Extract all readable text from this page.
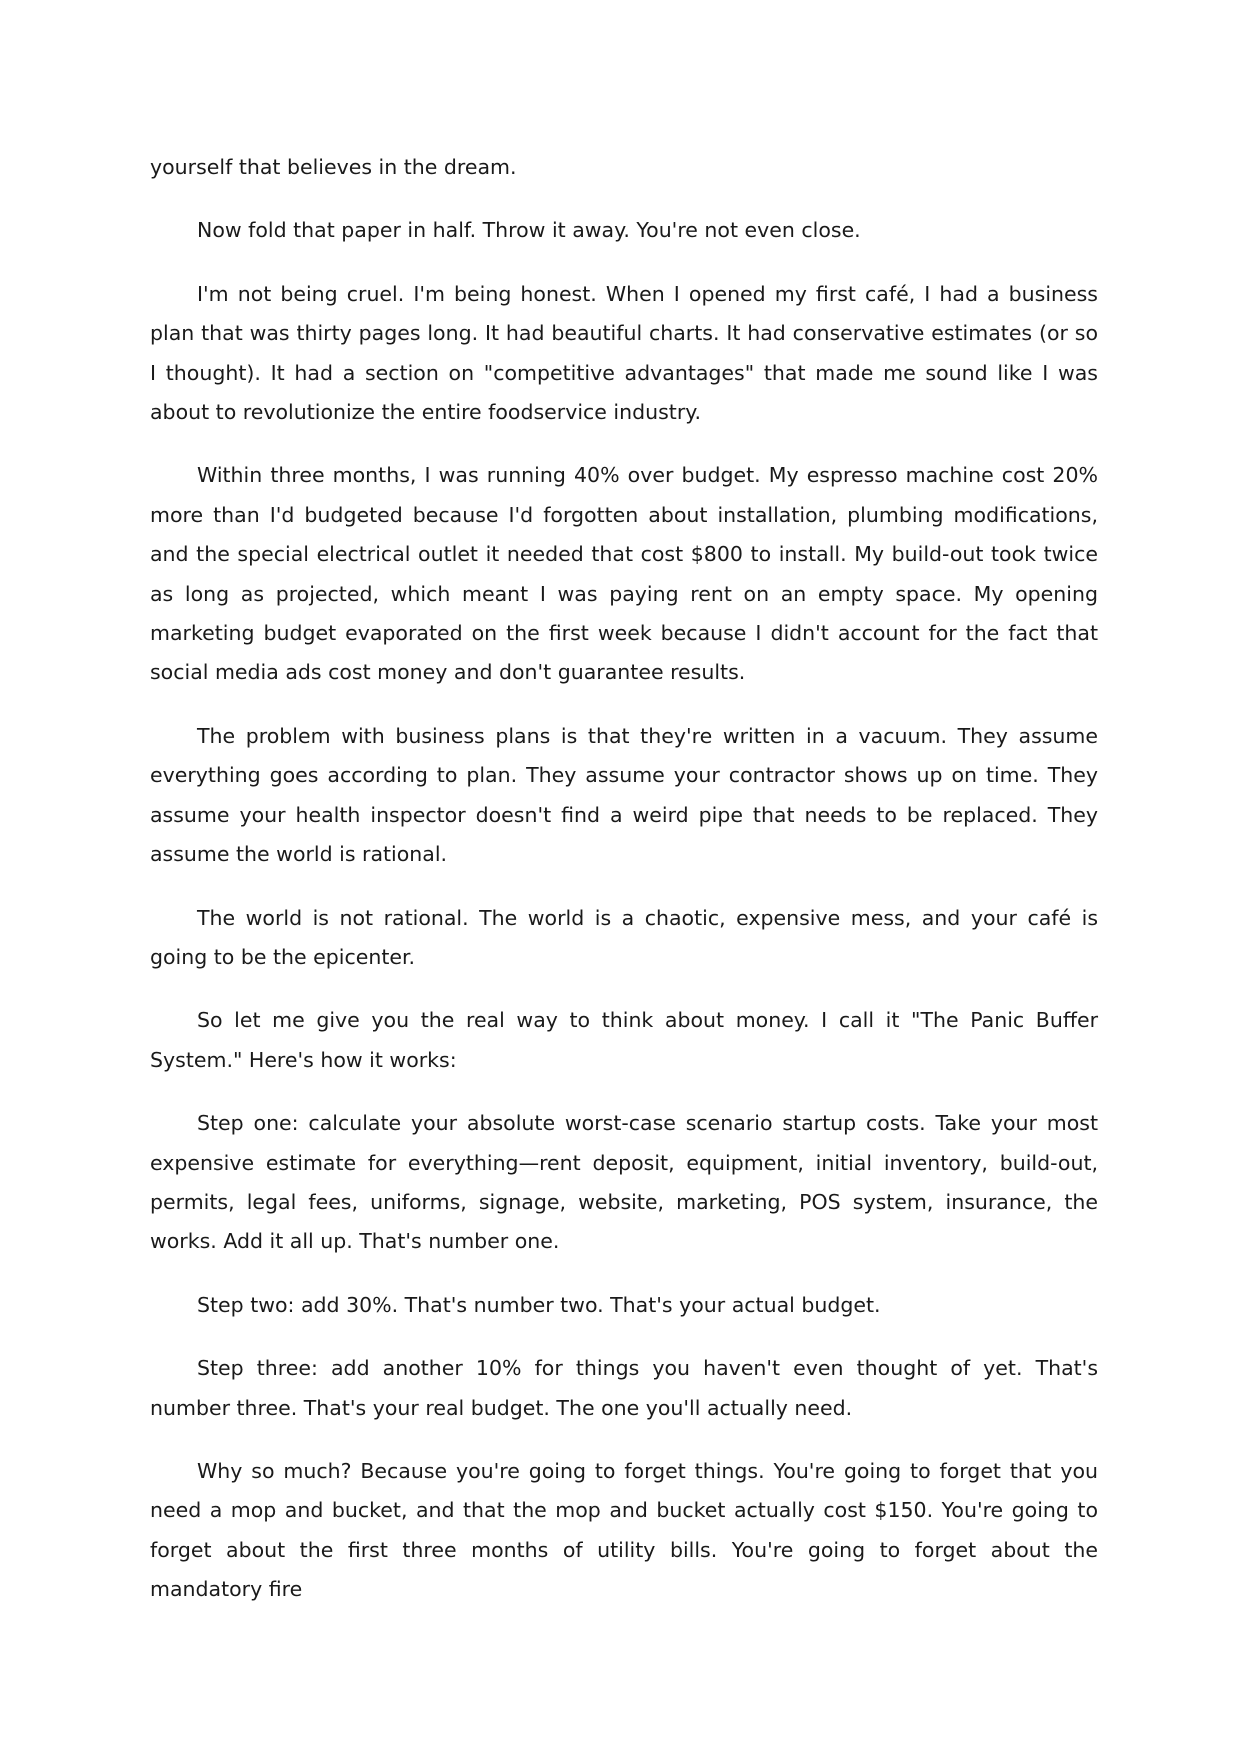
yourself that believes in the dream.

Now fold that paper in half. Throw it away. You're not even close.

I'm not being cruel. I'm being honest. When I opened my first café, I had a business plan that was thirty pages long. It had beautiful charts. It had conservative estimates (or so I thought). It had a section on "competitive advantages" that made me sound like I was about to revolutionize the entire foodservice industry.

Within three months, I was running 40% over budget. My espresso machine cost 20% more than I'd budgeted because I'd forgotten about installation, plumbing modifications, and the special electrical outlet it needed that cost $800 to install. My build-out took twice as long as projected, which meant I was paying rent on an empty space. My opening marketing budget evaporated on the first week because I didn't account for the fact that social media ads cost money and don't guarantee results.

The problem with business plans is that they're written in a vacuum. They assume everything goes according to plan. They assume your contractor shows up on time. They assume your health inspector doesn't find a weird pipe that needs to be replaced. They assume the world is rational.

The world is not rational. The world is a chaotic, expensive mess, and your café is going to be the epicenter.

So let me give you the real way to think about money. I call it "The Panic Buffer System." Here's how it works:

Step one: calculate your absolute worst-case scenario startup costs. Take your most expensive estimate for everything—rent deposit, equipment, initial inventory, build-out, permits, legal fees, uniforms, signage, website, marketing, POS system, insurance, the works. Add it all up. That's number one.

Step two: add 30%. That's number two. That's your actual budget.

Step three: add another 10% for things you haven't even thought of yet. That's number three. That's your real budget. The one you'll actually need.

Why so much? Because you're going to forget things. You're going to forget that you need a mop and bucket, and that the mop and bucket actually cost $150. You're going to forget about the first three months of utility bills. You're going to forget about the mandatory fire
